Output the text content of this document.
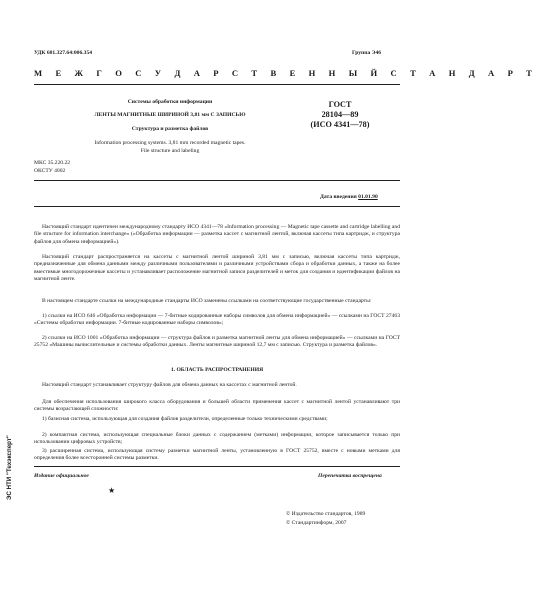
УДК 681.327.64:006.354	Группа Э46
М Е Ж Г О С У Д А Р С Т В Е Н Н Ы Й С Т А Н Д А Р Т
Системы обработки информации
ЛЕНТЫ МАГНИТНЫЕ ШИРИНОЙ 3,81 мм С ЗАПИСЬЮ
Структура и разметка файлов
Information processing systems. 3,81 mm recorded magnetic tapes.
File structure and labeling
МКС 35.220.22
ОКСТУ 4002
ГОСТ
28104—89
(ИСО 4341—78)
Дата введения 01.01.90
Настоящий стандарт идентичен международному стандарту ИСО 4341—78 «Information processing — Magnetic tape cassette and cartridge labelling and file structure for information interchange» («Обработка информации — разметка кассет с магнитной лентой, включая кассеты типа картридж, и структура файлов для обмена информацией»).
Настоящий стандарт распространяется на кассеты с магнитной лентой шириной 3,81 мм с записью, включая кассеты типа картридж, предназначенные для обмена данными между различными пользователями и различными устройствами сбора и обработки данных, а также на более вместимые многодорожечные кассеты и устанавливает расположение магнитной записи разделителей и меток для создания и идентификации файлов на магнитной ленте.
В настоящем стандарте ссылки на международные стандарты ИСО заменены ссылками на соответствующие государственные стандарты:
1) ссылки на ИСО 646 «Обработка информации — 7-битные кодированные наборы символов для обмена информацией» — ссылками на ГОСТ 27463 «Системы обработки информации. 7-битные кодированные наборы символов»;
2) ссылки на ИСО 1001 «Обработка информации — структура файлов и разметка магнитной ленты для обмена информацией» — ссылками на ГОСТ 25752 «Машины вычислительные и системы обработки данных. Ленты магнитные шириной 12,7 мм с записью. Структура и разметка файлов».
1. ОБЛАСТЬ РАСПРОСТРАНЕНИЯ
Настоящий стандарт устанавливает структуру файлов для обмена данных на кассетах с магнитной лентой.
Для обеспечения использования широкого класса оборудования и большей области применения кассет с магнитной лентой устанавливают три системы возрастающей сложности:
1) базисная система, использующая для создания файлов разделители, определенные только техническими средствами;
2) компактная система, использующая специальные блоки данных с содержанием (метками) информации, которое записывается только при использовании цифровых устройств;
3) расширенная система, использующая систему разметки магнитной ленты, установленную в ГОСТ 25752, вместе с новыми метками для определения более всесторонней системы разметки.
Издание официальное	Перепечатка воспрещена
★
© Издательство стандартов, 1989
© Стандартинформ, 2007
ЭС НТИ "Техэксперт"
